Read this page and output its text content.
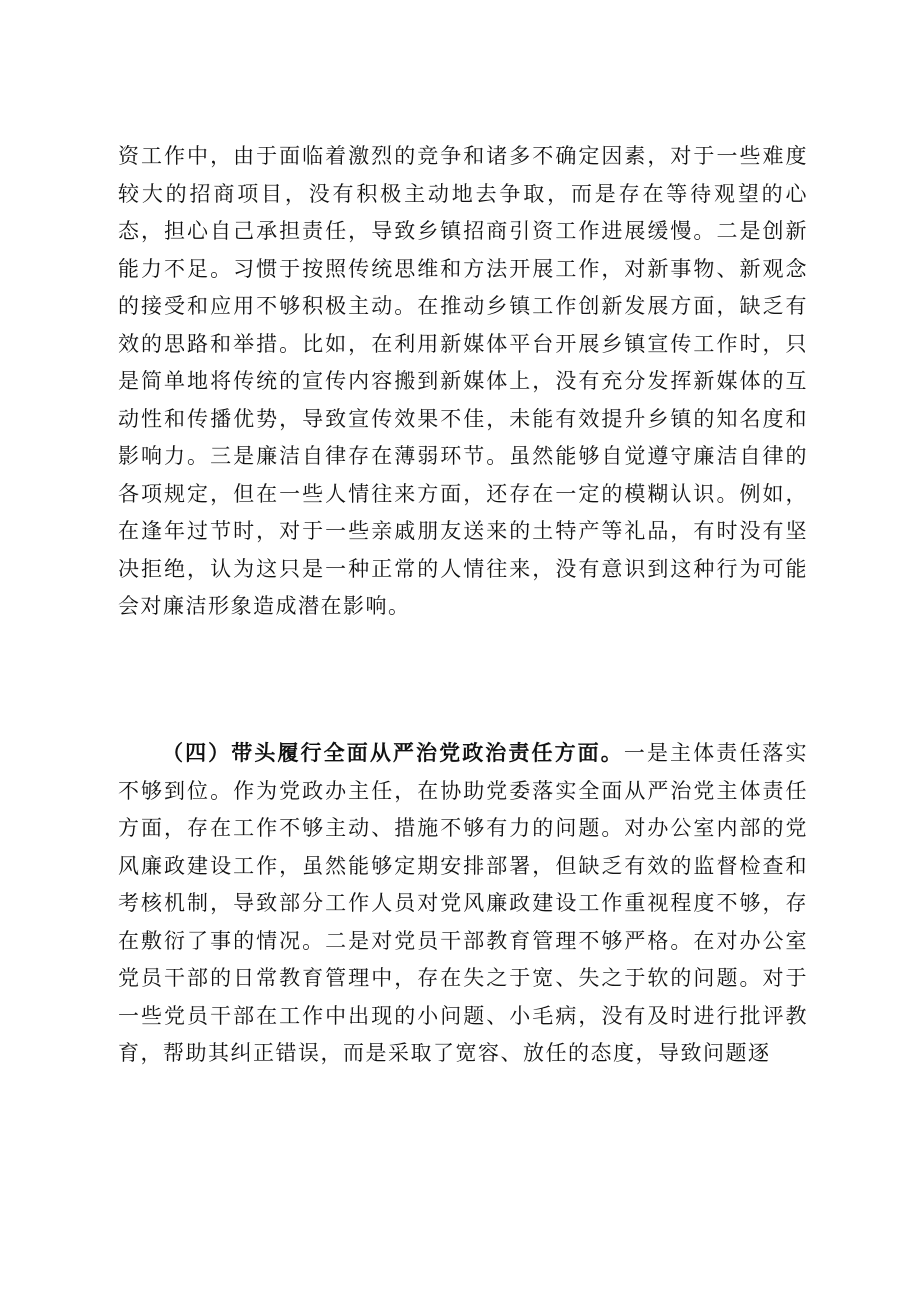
资工作中，由于面临着激烈的竞争和诸多不确定因素，对于一些难度较大的招商项目，没有积极主动地去争取，而是存在等待观望的心态，担心自己承担责任，导致乡镇招商引资工作进展缓慢。二是创新能力不足。习惯于按照传统思维和方法开展工作，对新事物、新观念的接受和应用不够积极主动。在推动乡镇工作创新发展方面，缺乏有效的思路和举措。比如，在利用新媒体平台开展乡镇宣传工作时，只是简单地将传统的宣传内容搬到新媒体上，没有充分发挥新媒体的互动性和传播优势，导致宣传效果不佳，未能有效提升乡镇的知名度和影响力。三是廉洁自律存在薄弱环节。虽然能够自觉遵守廉洁自律的各项规定，但在一些人情往来方面，还存在一定的模糊认识。例如，在逢年过节时，对于一些亲戚朋友送来的土特产等礼品，有时没有坚决拒绝，认为这只是一种正常的人情往来，没有意识到这种行为可能会对廉洁形象造成潜在影响。

（四）带头履行全面从严治党政治责任方面。一是主体责任落实不够到位。作为党政办主任，在协助党委落实全面从严治党主体责任方面，存在工作不够主动、措施不够有力的问题。对办公室内部的党风廉政建设工作，虽然能够定期安排部署，但缺乏有效的监督检查和考核机制，导致部分工作人员对党风廉政建设工作重视程度不够，存在敷衍了事的情况。二是对党员干部教育管理不够严格。在对办公室党员干部的日常教育管理中，存在失之于宽、失之于软的问题。对于一些党员干部在工作中出现的小问题、小毛病，没有及时进行批评教育，帮助其纠正错误，而是采取了宽容、放任的态度，导致问题逐
